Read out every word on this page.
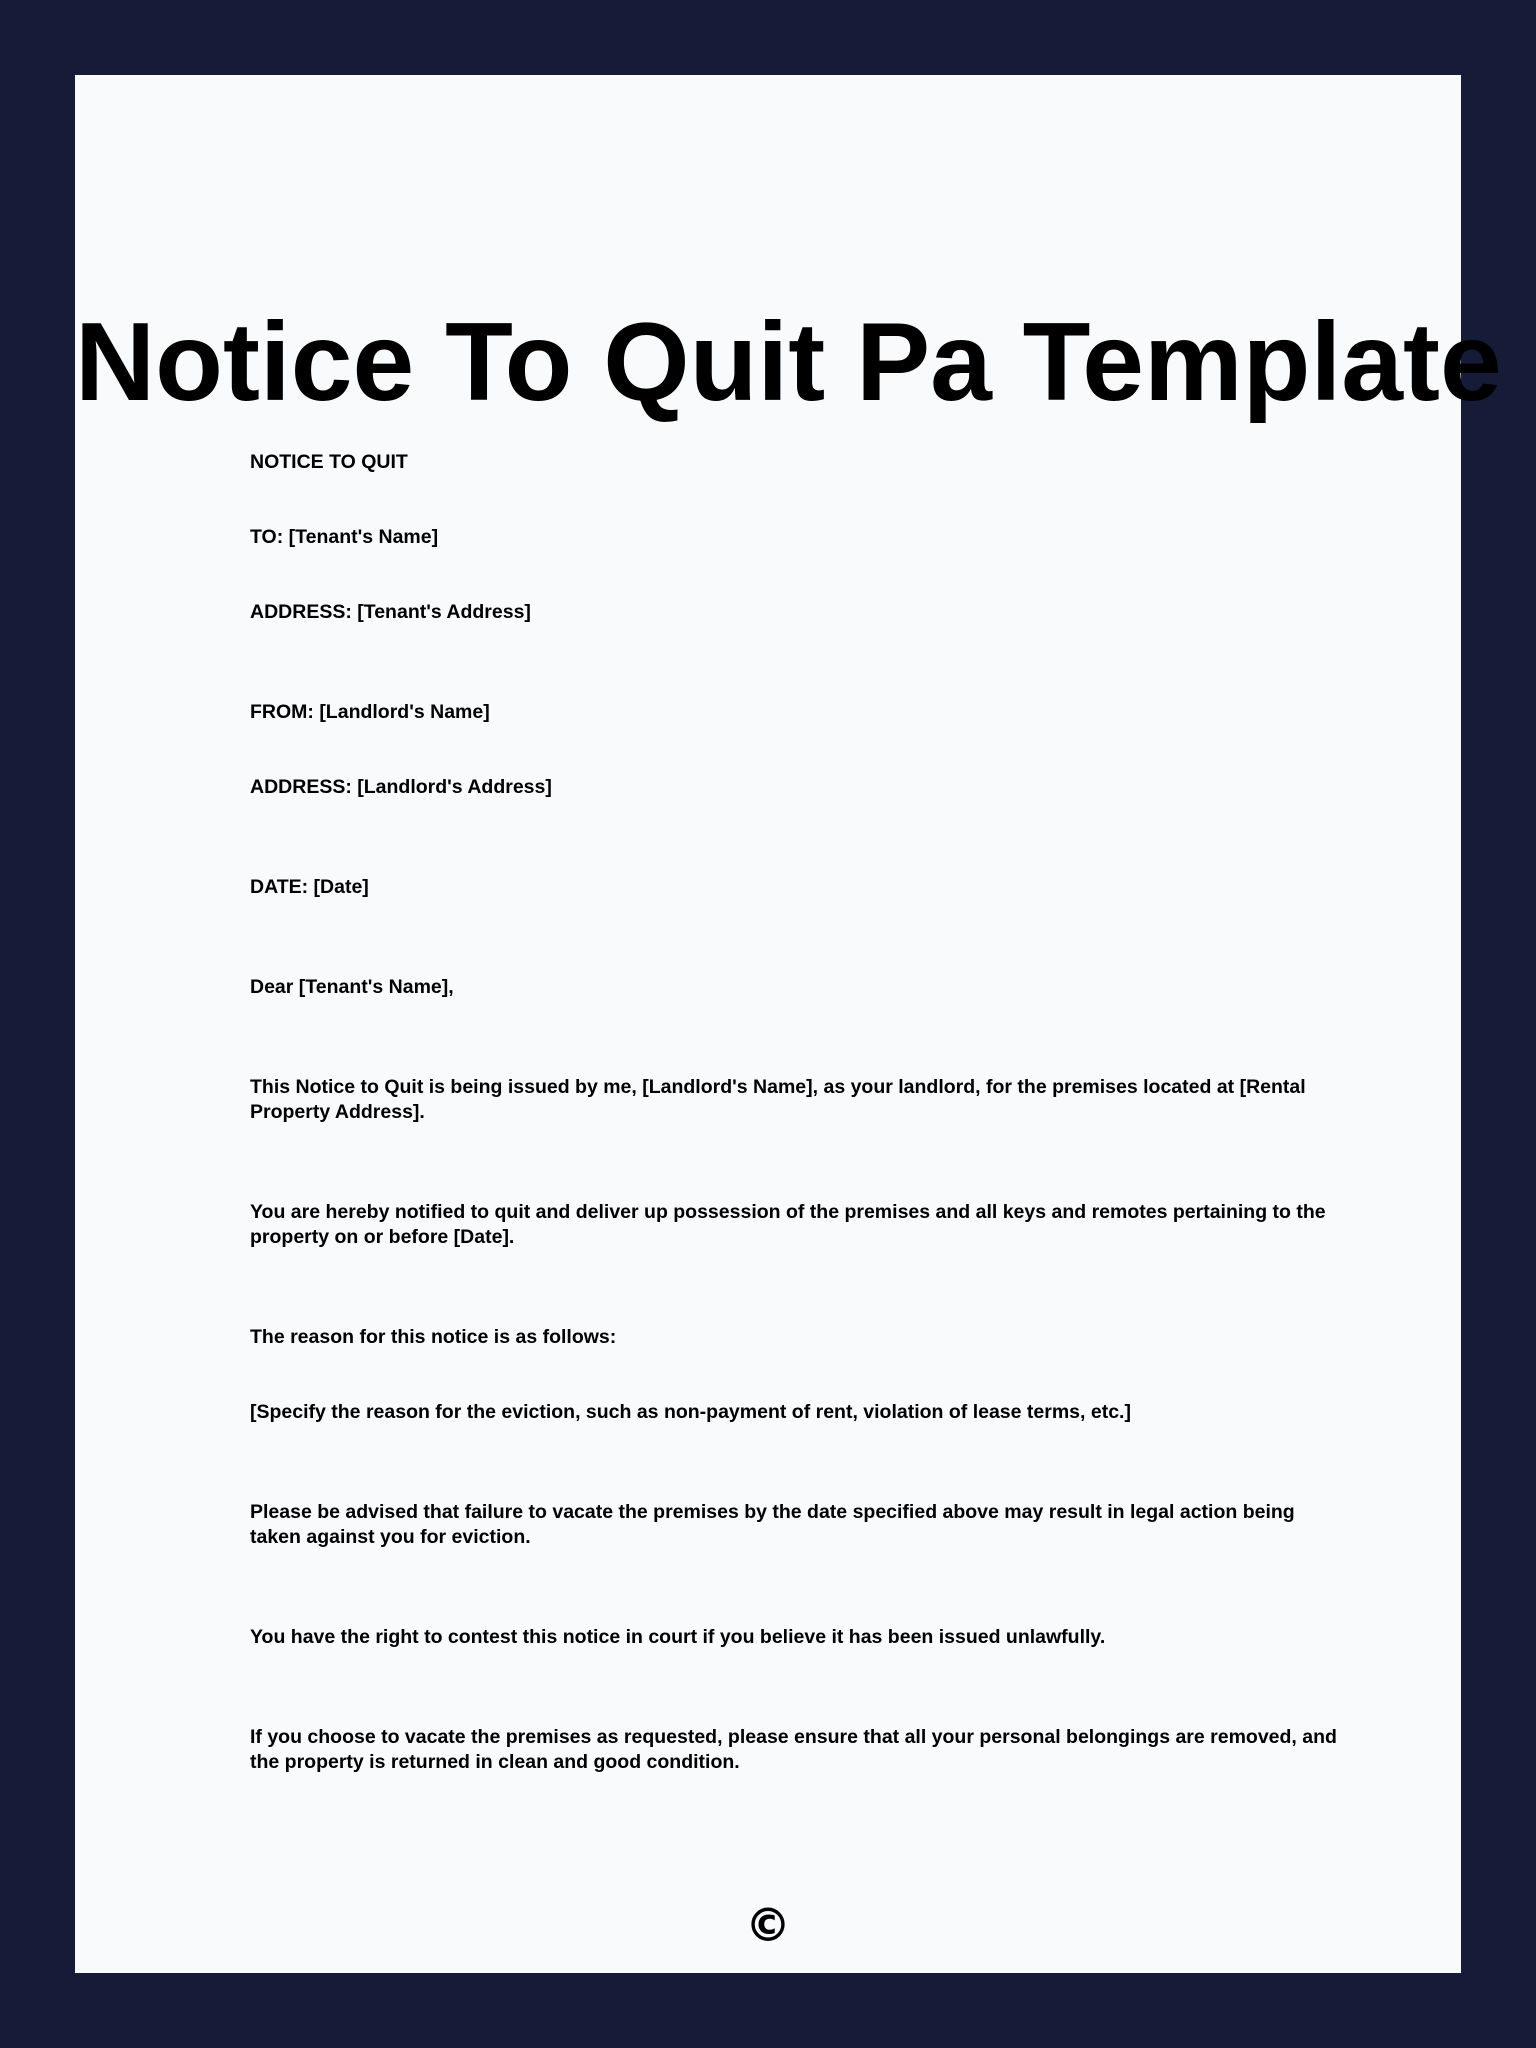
Notice To Quit Pa Template

NOTICE TO QUIT

TO: [Tenant's Name]

ADDRESS: [Tenant's Address]

FROM: [Landlord's Name]

ADDRESS: [Landlord's Address]

DATE: [Date]

Dear [Tenant's Name],

This Notice to Quit is being issued by me, [Landlord's Name], as your landlord, for the premises located at [Rental Property Address].

You are hereby notified to quit and deliver up possession of the premises and all keys and remotes pertaining to the property on or before [Date].

The reason for this notice is as follows:

[Specify the reason for the eviction, such as non-payment of rent, violation of lease terms, etc.]

Please be advised that failure to vacate the premises by the date specified above may result in legal action being taken against you for eviction.

You have the right to contest this notice in court if you believe it has been issued unlawfully.

If you choose to vacate the premises as requested, please ensure that all your personal belongings are removed, and the property is returned in clean and good condition.

©
